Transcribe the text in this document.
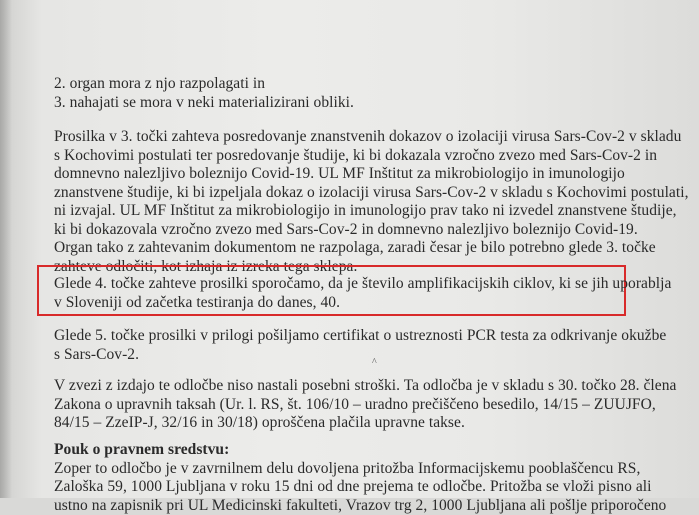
2. organ mora z njo razpolagati in
3. nahajati se mora v neki materializirani obliki.
Prosilka v 3. točki zahteva posredovanje znanstvenih dokazov o izolaciji virusa Sars-Cov-2 v skladu
s Kochovimi postulati ter posredovanje študije, ki bi dokazala vzročno zvezo med Sars-Cov-2 in
domnevno nalezljivo boleznijo Covid-19. UL MF Inštitut za mikrobiologijo in imunologijo
znanstvene študije, ki bi izpeljala dokaz o izolaciji virusa Sars-Cov-2 v skladu s Kochovimi postulati,
ni izvajal. UL MF Inštitut za mikrobiologijo in imunologijo prav tako ni izvedel znanstvene študije,
ki bi dokazovala vzročno zvezo med Sars-Cov-2 in domnevno nalezljivo boleznijo Covid-19.
Organ tako z zahtevanim dokumentom ne razpolaga, zaradi česar je bilo potrebno glede 3. točke
zahteve odločiti, kot izhaja iz izreka tega sklepa.
Glede 4. točke zahteve prosilki sporočamo, da je število amplifikacijskih ciklov, ki se jih uporablja
v Sloveniji od začetka testiranja do danes, 40.
Glede 5. točke prosilki v prilogi pošiljamo certifikat o ustreznosti PCR testa za odkrivanje okužbe
s Sars-Cov-2.	^
V zvezi z izdajo te odločbe niso nastali posebni stroški. Ta odločba je v skladu s 30. točko 28. člena
Zakona o upravnih taksah (Ur. l. RS, št. 106/10 – uradno prečiščeno besedilo, 14/15 – ZUUJFO,
84/15 – ZzeIP-J, 32/16 in 30/18) oproščena plačila upravne takse.
Pouk o pravnem sredstvu:
Zoper to odločbo je v zavrnilnem delu dovoljena pritožba Informacijskemu pooblaščencu RS,
Zaloška 59, 1000 Ljubljana v roku 15 dni od dne prejema te odločbe. Pritožba se vloži pisno ali
ustno na zapisnik pri UL Medicinski fakulteti, Vrazov trg 2, 1000 Ljubljana ali pošlje priporočeno
